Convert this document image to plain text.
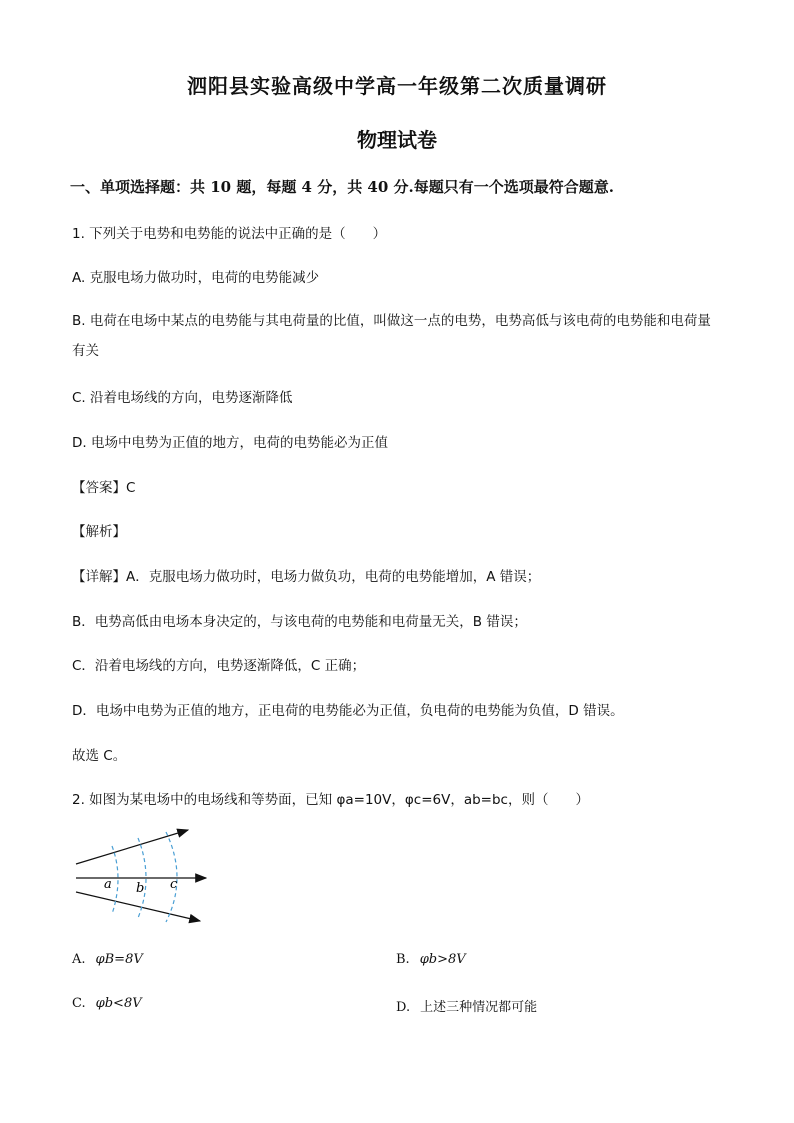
泗阳县实验高级中学高一年级第二次质量调研
物理试卷
一、单项选择题：共 10 题，每题 4 分，共 40 分.每题只有一个选项最符合题意.
1. 下列关于电势和电势能的说法中正确的是（　　）
A. 克服电场力做功时，电荷的电势能减少
B. 电荷在电场中某点的电势能与其电荷量的比值，叫做这一点的电势，电势高低与该电荷的电势能和电荷量有关
C. 沿着电场线的方向，电势逐渐降低
D. 电场中电势为正值的地方，电荷的电势能必为正值
【答案】C
【解析】
【详解】A．克服电场力做功时，电场力做负功，电荷的电势能增加，A 错误；
B．电势高低由电场本身决定的，与该电荷的电势能和电荷量无关，B 错误；
C．沿着电场线的方向，电势逐渐降低，C 正确；
D．电场中电势为正值的地方，正电荷的电势能必为正值，负电荷的电势能为负值，D 错误。
故选 C。
2. 如图为某电场中的电场线和等势面，已知 φa=10V，φc=6V，ab=bc，则（　　）
a b c
A. φB=8V	B. φb>8V
C. φb<8V	D. 上述三种情况都可能
